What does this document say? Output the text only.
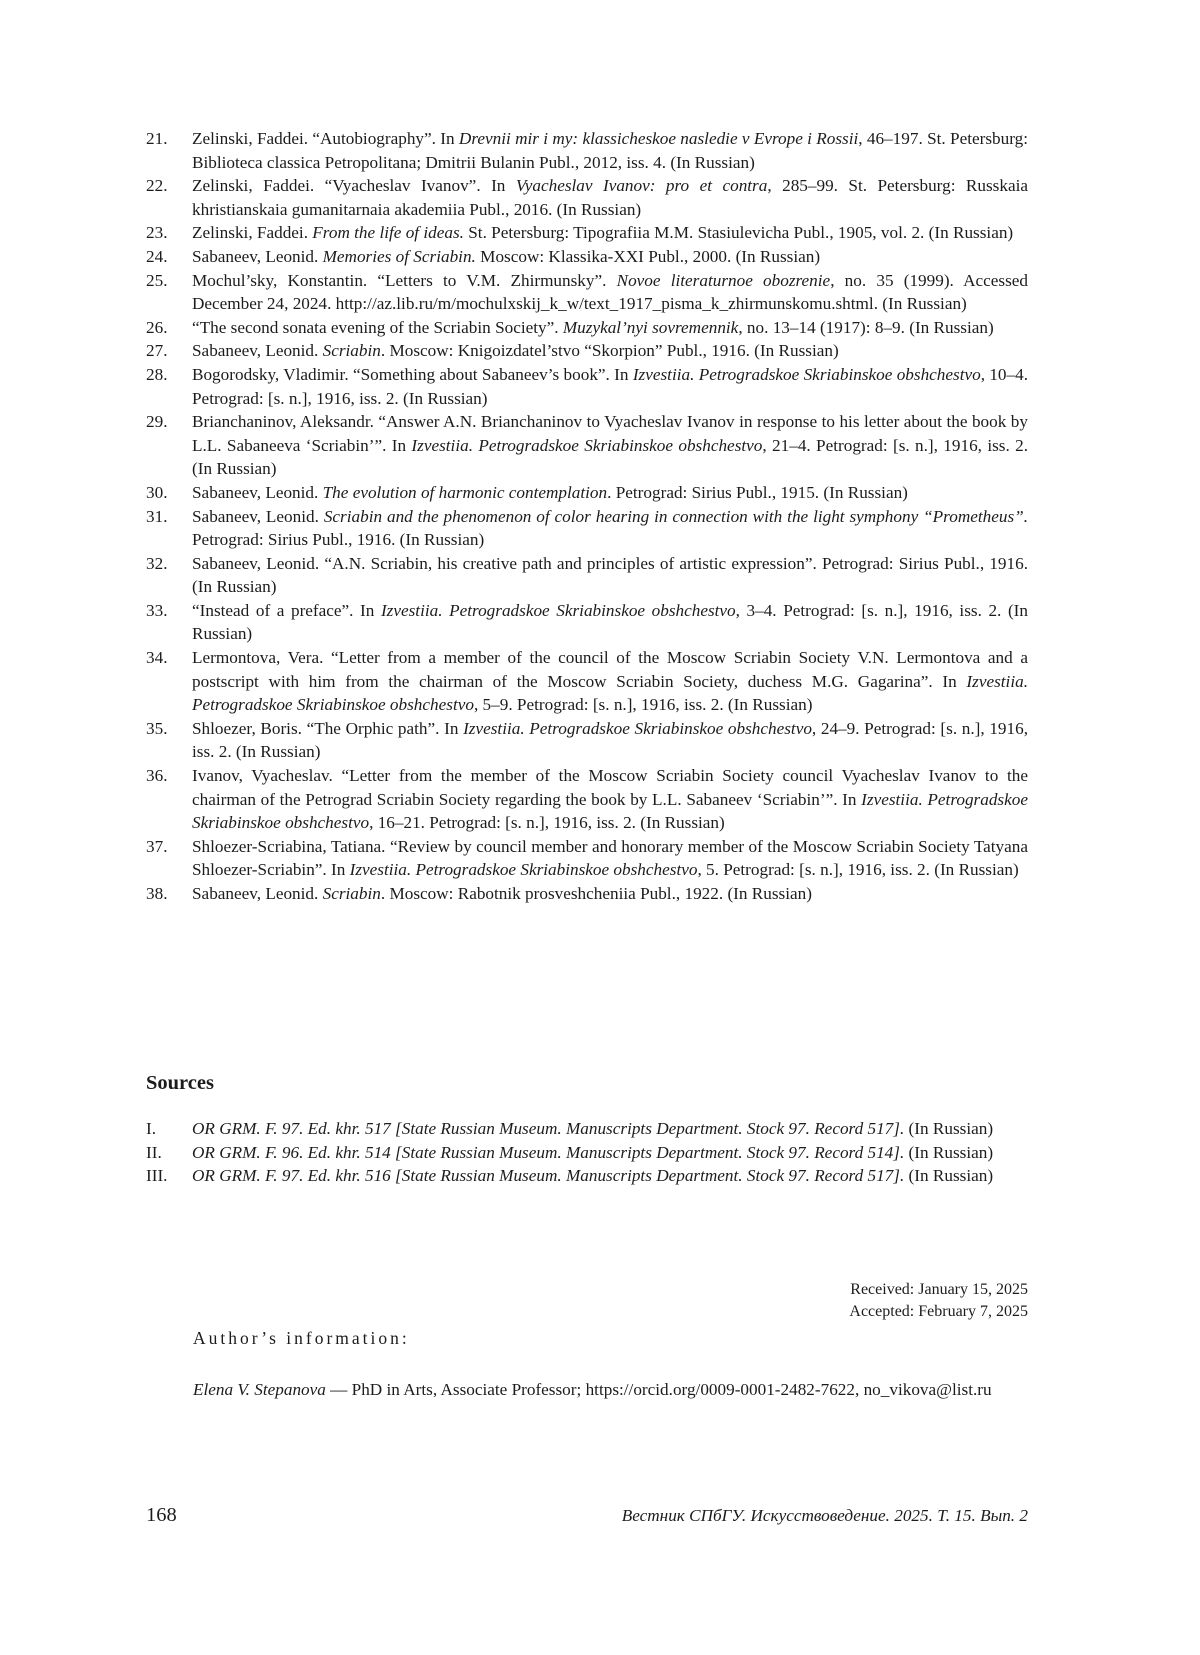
21. Zelinski, Faddei. “Autobiography”. In Drevnii mir i my: klassicheskoe nasledie v Evrope i Rossii, 46–197. St. Petersburg: Biblioteca classica Petropolitana; Dmitrii Bulanin Publ., 2012, iss. 4. (In Russian)
22. Zelinski, Faddei. “Vyacheslav Ivanov”. In Vyacheslav Ivanov: pro et contra, 285–99. St. Petersburg: Russkaia khristianskaia gumanitarnaia akademiia Publ., 2016. (In Russian)
23. Zelinski, Faddei. From the life of ideas. St. Petersburg: Tipografiia M.M. Stasiulevicha Publ., 1905, vol. 2. (In Russian)
24. Sabaneev, Leonid. Memories of Scriabin. Moscow: Klassika-XXI Publ., 2000. (In Russian)
25. Mochul’sky, Konstantin. “Letters to V.M. Zhirmunsky”. Novoe literaturnoe obozrenie, no. 35 (1999). Accessed December 24, 2024. http://az.lib.ru/m/mochulxskij_k_w/text_1917_pisma_k_zhirmunskomu.shtml. (In Russian)
26. “The second sonata evening of the Scriabin Society”. Muzykal’nyi sovremennik, no. 13–14 (1917): 8–9. (In Russian)
27. Sabaneev, Leonid. Scriabin. Moscow: Knigoizdatel’stvo “Skorpion” Publ., 1916. (In Russian)
28. Bogorodsky, Vladimir. “Something about Sabaneev’s book”. In Izvestiia. Petrogradskoe Skriabinskoe obshchestvo, 10–4. Petrograd: [s. n.], 1916, iss. 2. (In Russian)
29. Brianchaninov, Aleksandr. “Answer A.N. Brianchaninov to Vyacheslav Ivanov in response to his letter about the book by L.L. Sabaneeva ‘Scriabin’”. In Izvestiia. Petrogradskoe Skriabinskoe obshchestvo, 21–4. Petrograd: [s. n.], 1916, iss. 2. (In Russian)
30. Sabaneev, Leonid. The evolution of harmonic contemplation. Petrograd: Sirius Publ., 1915. (In Russian)
31. Sabaneev, Leonid. Scriabin and the phenomenon of color hearing in connection with the light symphony “Prometheus”. Petrograd: Sirius Publ., 1916. (In Russian)
32. Sabaneev, Leonid. “A.N. Scriabin, his creative path and principles of artistic expression”. Petrograd: Sirius Publ., 1916. (In Russian)
33. “Instead of a preface”. In Izvestiia. Petrogradskoe Skriabinskoe obshchestvo, 3–4. Petrograd: [s. n.], 1916, iss. 2. (In Russian)
34. Lermontova, Vera. “Letter from a member of the council of the Moscow Scriabin Society V.N. Lermontova and a postscript with him from the chairman of the Moscow Scriabin Society, duchess M.G. Gagarina”. In Izvestiia. Petrogradskoe Skriabinskoe obshchestvo, 5–9. Petrograd: [s. n.], 1916, iss. 2. (In Russian)
35. Shloezer, Boris. “The Orphic path”. In Izvestiia. Petrogradskoe Skriabinskoe obshchestvo, 24–9. Petrograd: [s. n.], 1916, iss. 2. (In Russian)
36. Ivanov, Vyacheslav. “Letter from the member of the Moscow Scriabin Society council Vyacheslav Ivanov to the chairman of the Petrograd Scriabin Society regarding the book by L.L. Sabaneev ‘Scriabin’”. In Izvestiia. Petrogradskoe Skriabinskoe obshchestvo, 16–21. Petrograd: [s. n.], 1916, iss. 2. (In Russian)
37. Shloezer-Scriabina, Tatiana. “Review by council member and honorary member of the Moscow Scriabin Society Tatyana Shloezer-Scriabin”. In Izvestiia. Petrogradskoe Skriabinskoe obshchestvo, 5. Petrograd: [s. n.], 1916, iss. 2. (In Russian)
38. Sabaneev, Leonid. Scriabin. Moscow: Rabotnik prosveshcheniia Publ., 1922. (In Russian)
Sources
I. OR GRM. F. 97. Ed. khr. 517 [State Russian Museum. Manuscripts Department. Stock 97. Record 517]. (In Russian)
II. OR GRM. F. 96. Ed. khr. 514 [State Russian Museum. Manuscripts Department. Stock 97. Record 514]. (In Russian)
III. OR GRM. F. 97. Ed. khr. 516 [State Russian Museum. Manuscripts Department. Stock 97. Record 517]. (In Russian)
Received: January 15, 2025
Accepted: February 7, 2025
Author’s information:
Elena V. Stepanova — PhD in Arts, Associate Professor; https://orcid.org/0009-0001-2482-7622, no_vikova@list.ru
168	Вестник СПбГУ. Искусствоведение. 2025. Т. 15. Вып. 2
